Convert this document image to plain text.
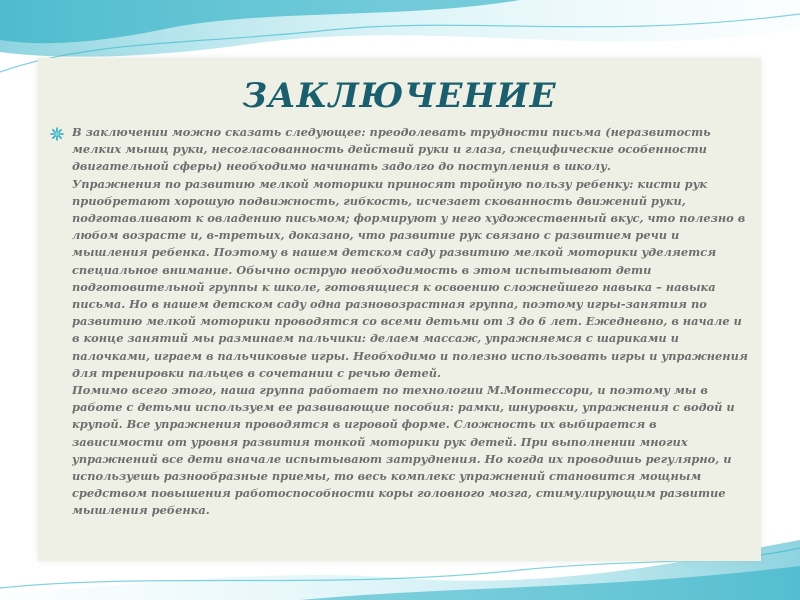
ЗАКЛЮЧЕНИЕ

В заключении можно сказать следующее: преодолевать трудности письма (неразвитость мелких мышц руки, несогласованность действий руки и глаза, специфические особенности двигательной сферы) необходимо начинать задолго до поступления в школу.

Упражнения по развитию мелкой моторики приносят тройную пользу ребенку: кисти рук приобретают хорошую подвижность, гибкость, исчезает скованность движений руки, подготавливают к овладению письмом; формируют у него художественный вкус, что полезно в любом возрасте и, в-третьих, доказано, что развитие рук связано с развитием речи и мышления ребенка. Поэтому в нашем детском саду развитию мелкой моторики уделяется специальное внимание. Обычно острую необходимость в этом испытывают дети подготовительной группы к школе, готовящиеся к освоению сложнейшего навыка – навыка письма. Но в нашем детском саду одна разновозрастная группа, поэтому игры-занятия по развитию мелкой моторики проводятся со всеми детьми от 3 до 6 лет. Ежедневно, в начале и в конце занятий мы разминаем пальчики: делаем массаж, упражняемся с шариками и палочками, играем в пальчиковые игры. Необходимо и полезно использовать игры и упражнения для тренировки пальцев в сочетании с речью детей.

Помимо всего этого, наша группа работает по технологии М.Монтессори, и поэтому мы в работе с детьми используем ее развивающие пособия: рамки, шнуровки, упражнения с водой и крупой. Все упражнения проводятся в игровой форме. Сложность их выбирается в зависимости от уровня развития тонкой моторики рук детей. При выполнении многих упражнений все дети вначале испытывают затруднения. Но когда их проводишь регулярно, и используешь разнообразные приемы, то весь комплекс упражнений становится мощным средством повышения работоспособности коры головного мозга, стимулирующим развитие мышления ребенка.
